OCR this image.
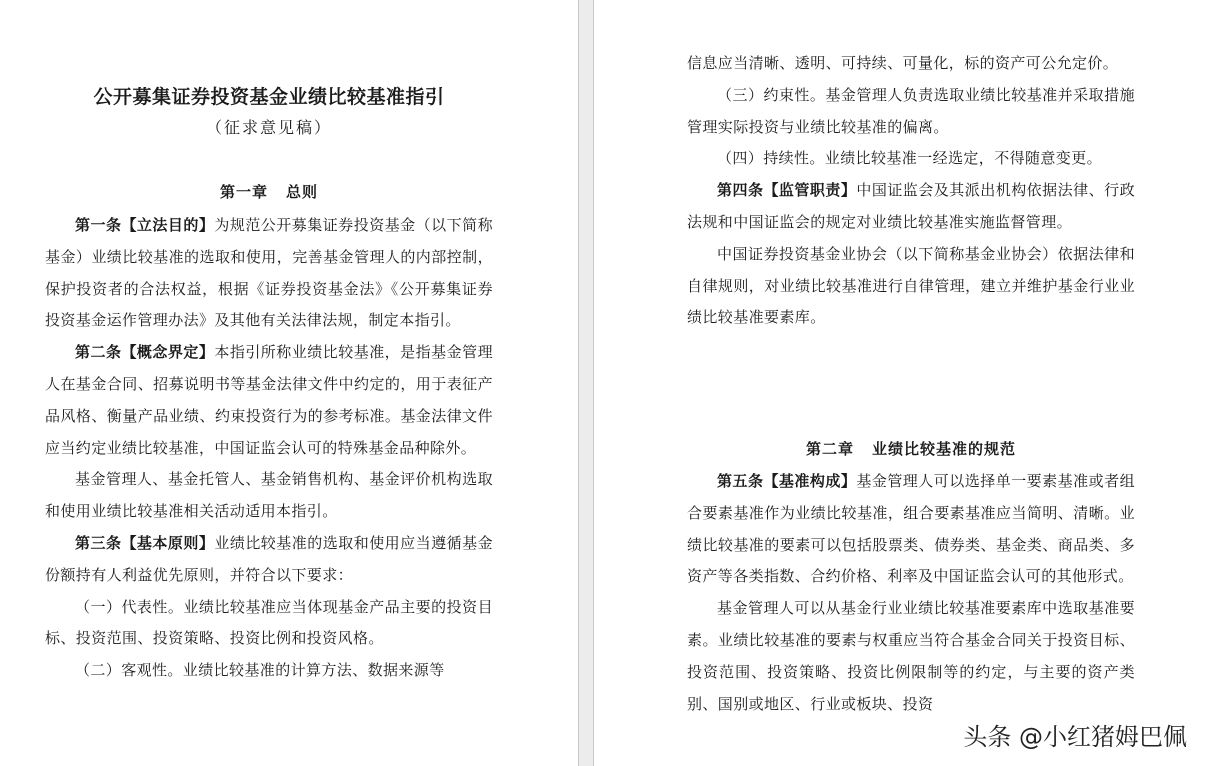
公开募集证券投资基金业绩比较基准指引

（征求意见稿）

第一章 总则

第一条【立法目的】为规范公开募集证券投资基金（以下简称基金）业绩比较基准的选取和使用，完善基金管理人的内部控制，保护投资者的合法权益，根据《证券投资基金法》《公开募集证券投资基金运作管理办法》及其他有关法律法规，制定本指引。

第二条【概念界定】本指引所称业绩比较基准，是指基金管理人在基金合同、招募说明书等基金法律文件中约定的，用于表征产品风格、衡量产品业绩、约束投资行为的参考标准。基金法律文件应当约定业绩比较基准，中国证监会认可的特殊基金品种除外。

基金管理人、基金托管人、基金销售机构、基金评价机构选取和使用业绩比较基准相关活动适用本指引。

第三条【基本原则】业绩比较基准的选取和使用应当遵循基金份额持有人利益优先原则，并符合以下要求：

（一）代表性。业绩比较基准应当体现基金产品主要的投资目标、投资范围、投资策略、投资比例和投资风格。

（二）客观性。业绩比较基准的计算方法、数据来源等

信息应当清晰、透明、可持续、可量化，标的资产可公允定价。

（三）约束性。基金管理人负责选取业绩比较基准并采取措施管理实际投资与业绩比较基准的偏离。

（四）持续性。业绩比较基准一经选定，不得随意变更。

第四条【监管职责】中国证监会及其派出机构依据法律、行政法规和中国证监会的规定对业绩比较基准实施监督管理。

中国证券投资基金业协会（以下简称基金业协会）依据法律和自律规则，对业绩比较基准进行自律管理，建立并维护基金行业业绩比较基准要素库。

第二章 业绩比较基准的规范

第五条【基准构成】基金管理人可以选择单一要素基准或者组合要素基准作为业绩比较基准，组合要素基准应当简明、清晰。业绩比较基准的要素可以包括股票类、债券类、基金类、商品类、多资产等各类指数、合约价格、利率及中国证监会认可的其他形式。

基金管理人可以从基金行业业绩比较基准要素库中选取基准要素。业绩比较基准的要素与权重应当符合基金合同关于投资目标、投资范围、投资策略、投资比例限制等的约定，与主要的资产类别、国别或地区、行业或板块、投资

头条 @小红猪姆巴佩
